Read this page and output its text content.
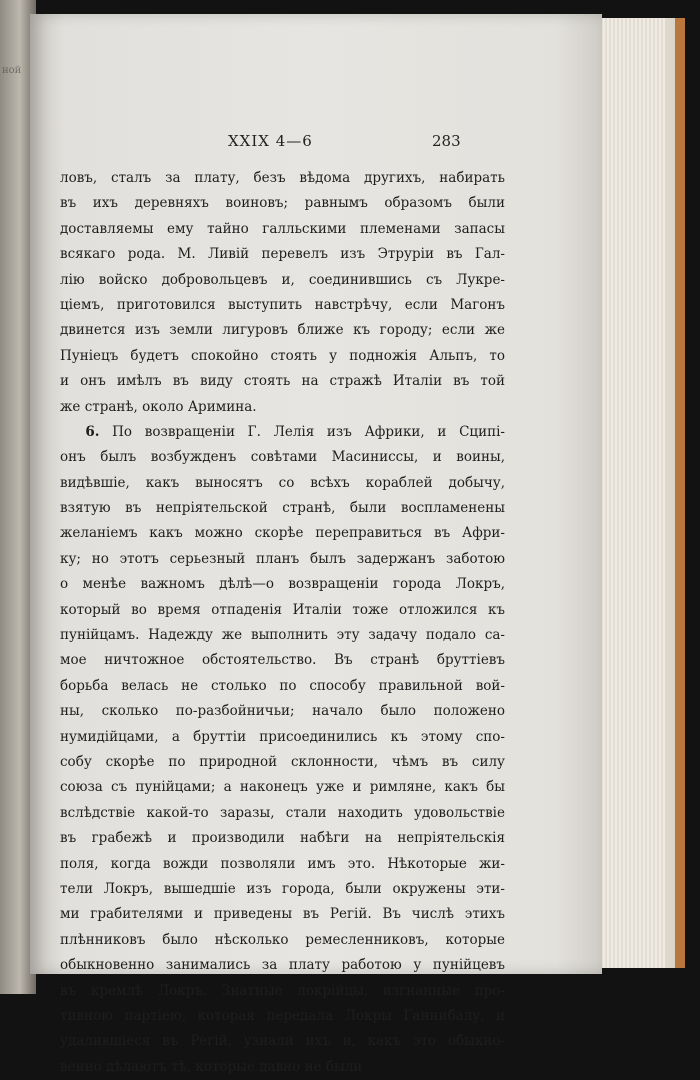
ной
XXIX 4—6	283
ловъ, сталъ за плату, безъ вѣдома другихъ, набирать
въ ихъ деревняхъ воиновъ; равнымъ образомъ были
доставляемы ему тайно галльскими племенами запасы
всякаго рода. М. Ливій перевелъ изъ Этруріи въ Гал-
лію войско добровольцевъ и, соединившись съ Лукре-
ціемъ, приготовился выступить навстрѣчу, если Магонъ
двинется изъ земли лигуровъ ближе къ городу; если же
Пуніецъ будетъ спокойно стоять у подножія Альпъ, то
и онъ имѣлъ въ виду стоять на стражѣ Италіи въ той
же странѣ, около Аримина.
6. По возвращеніи Г. Лелія изъ Африки, и Сципі-
онъ былъ возбужденъ совѣтами Масиниссы, и воины,
видѣвшіе, какъ выносятъ со всѣхъ кораблей добычу,
взятую въ непріятельской странѣ, были воспламенены
желаніемъ какъ можно скорѣе переправиться въ Афри-
ку; но этотъ серьезный планъ былъ задержанъ заботою
о менѣе важномъ дѣлѣ—о возвращеніи города Локръ,
который во время отпаденія Италіи тоже отложился къ
пунійцамъ. Надежду же выполнить эту задачу подало са-
мое ничтожное обстоятельство. Въ странѣ бруттіевъ
борьба велась не столько по способу правильной вой-
ны, сколько по-разбойничьи; начало было положено
нумидійцами, а бруттіи присоединились къ этому спо-
собу скорѣе по природной склонности, чѣмъ въ силу
союза съ пунійцами; а наконецъ уже и римляне, какъ бы
вслѣдствіе какой-то заразы, стали находить удовольствіе
въ грабежѣ и производили набѣги на непріятельскія
поля, когда вожди позволяли имъ это. Нѣкоторые жи-
тели Локръ, вышедшіе изъ города, были окружены эти-
ми грабителями и приведены въ Регій. Въ числѣ этихъ
плѣнниковъ было нѣсколько ремесленниковъ, которые
обыкновенно занимались за плату работою у пунійцевъ
въ кремлѣ Локръ. Знатные локрійцы, изгнанные про-
тивною партіею, которая передала Локры Ганнибалу, и
удалившіеся въ Регій, узнали ихъ и, какъ это обыкно-
венно дѣлаютъ тѣ, которые давно не были
